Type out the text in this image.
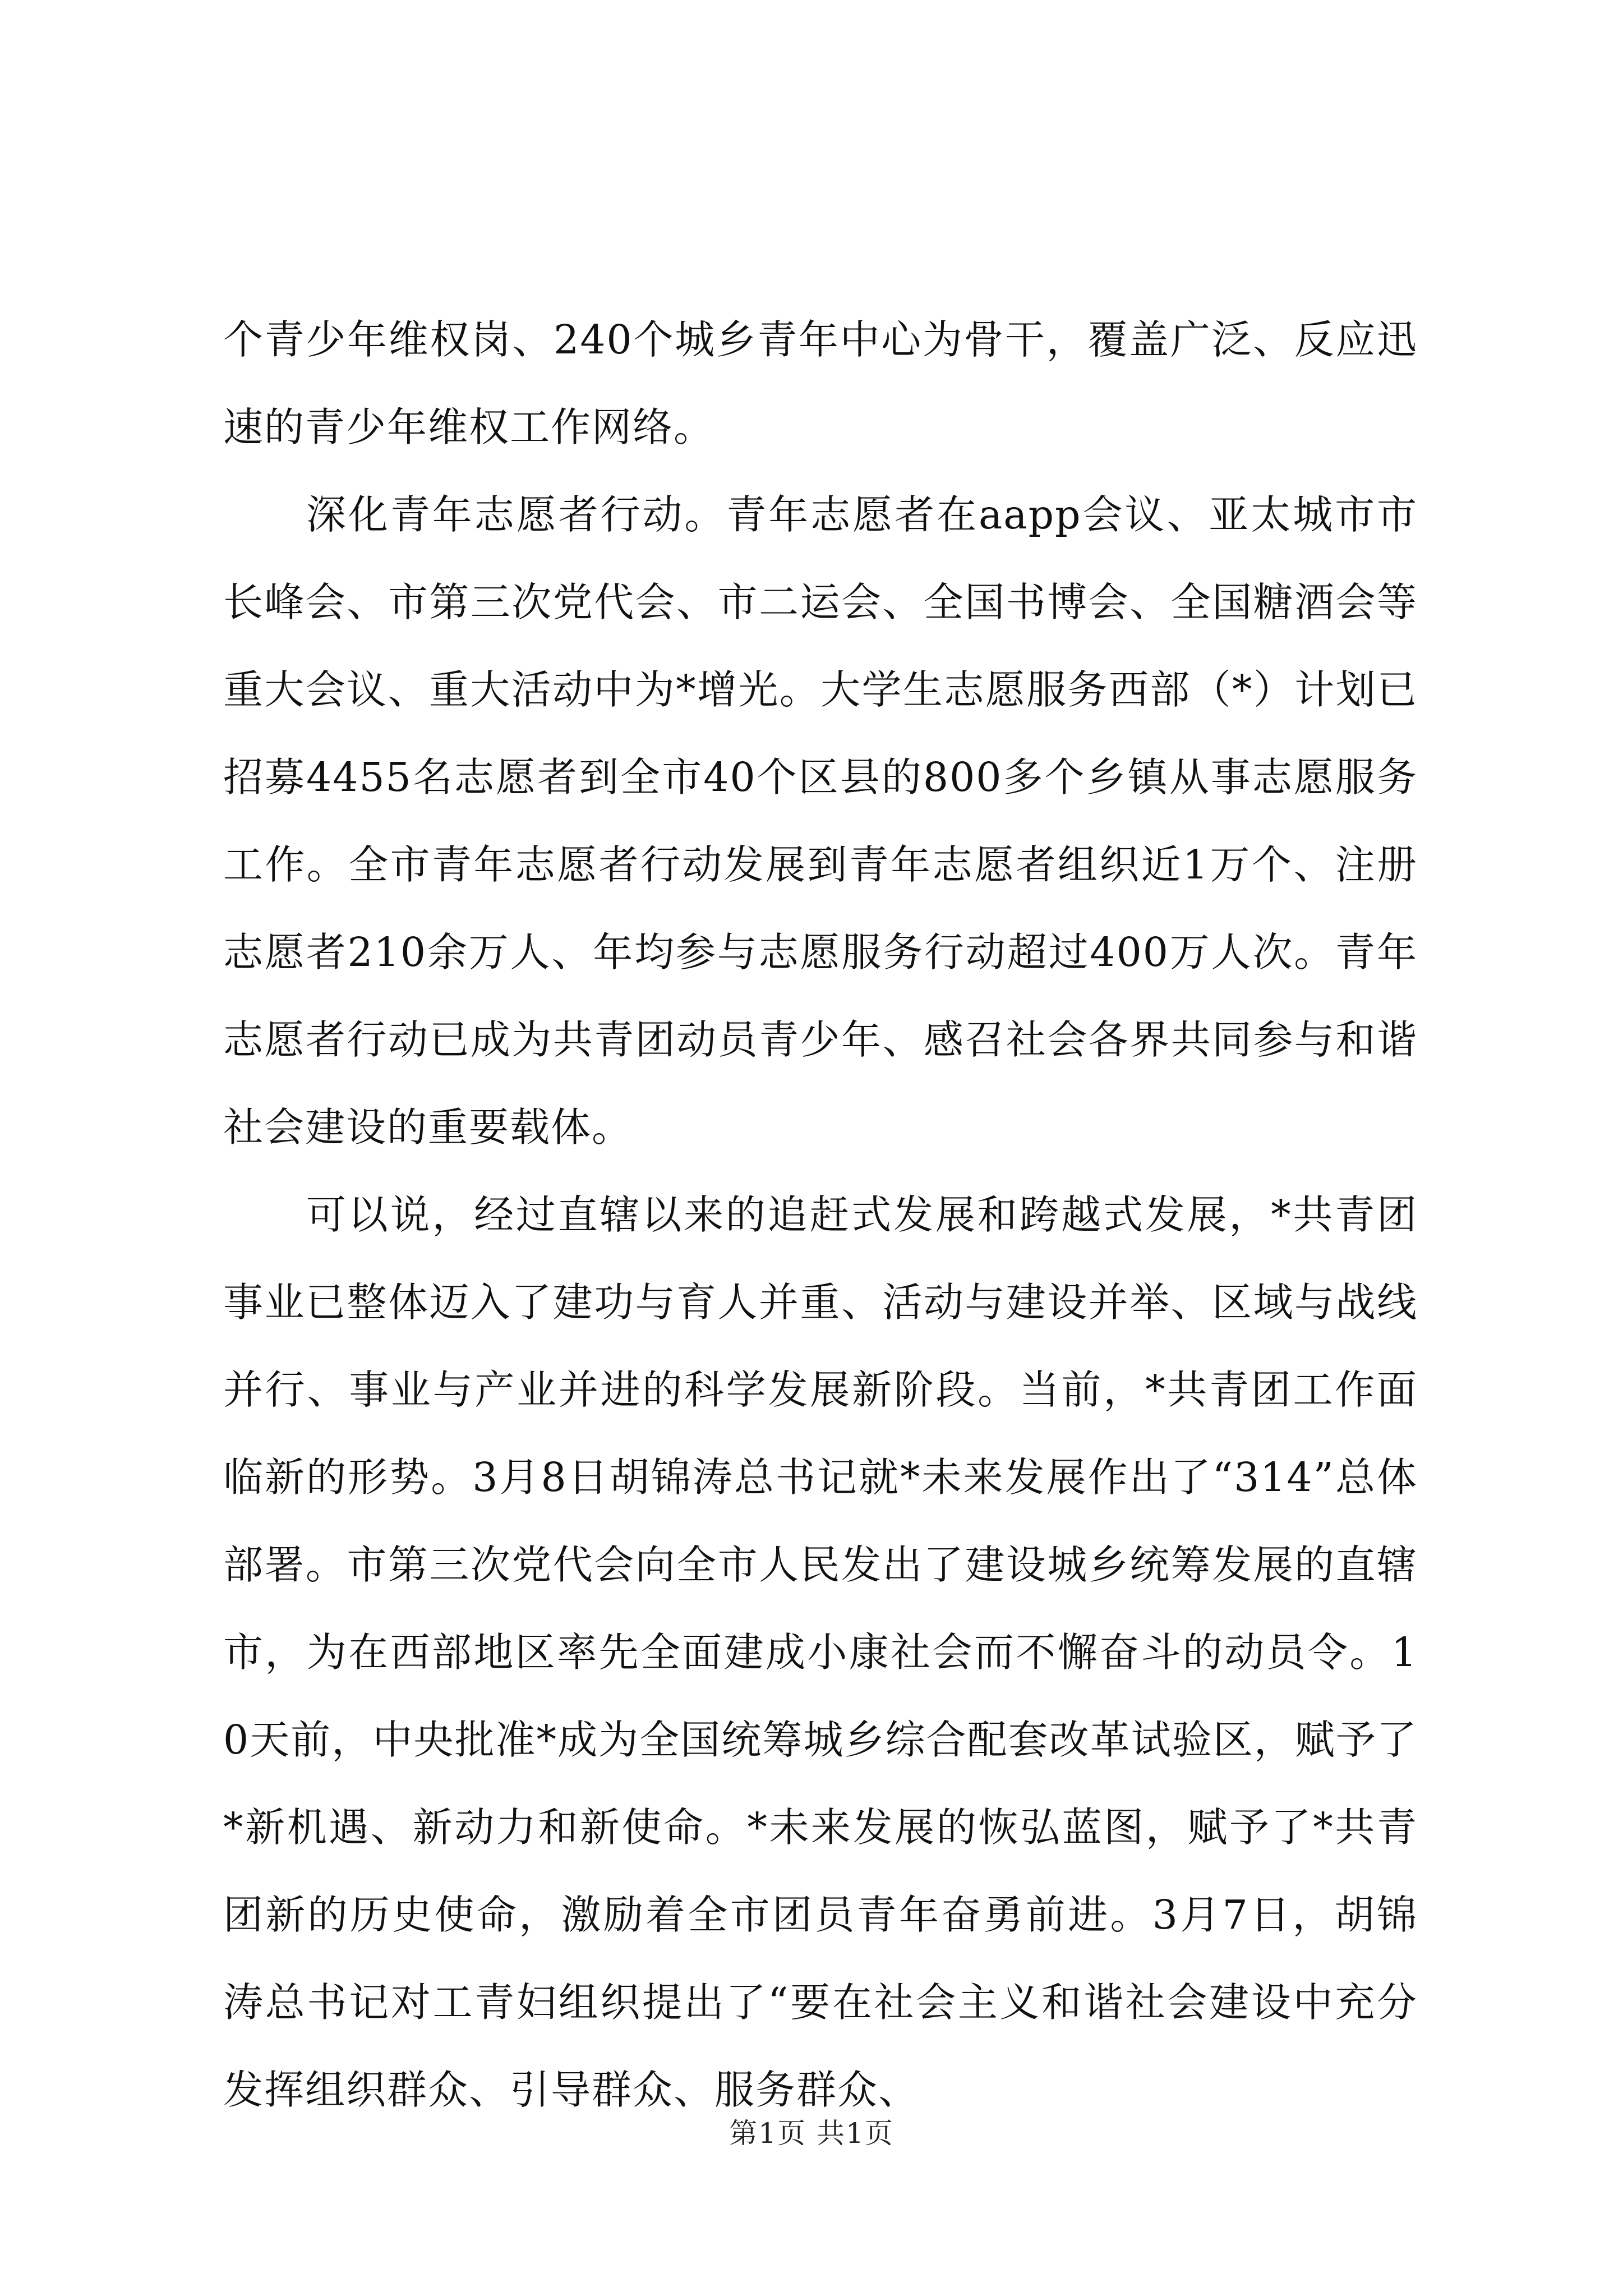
个青少年维权岗、240个城乡青年中心为骨干，覆盖广泛、反应迅速的青少年维权工作网络。

深化青年志愿者行动。青年志愿者在aapp会议、亚太城市市长峰会、市第三次党代会、市二运会、全国书博会、全国糖酒会等重大会议、重大活动中为*增光。大学生志愿服务西部（*）计划已招募4455名志愿者到全市40个区县的800多个乡镇从事志愿服务工作。全市青年志愿者行动发展到青年志愿者组织近1万个、注册志愿者210余万人、年均参与志愿服务行动超过400万人次。青年志愿者行动已成为共青团动员青少年、感召社会各界共同参与和谐社会建设的重要载体。

可以说，经过直辖以来的追赶式发展和跨越式发展，*共青团事业已整体迈入了建功与育人并重、活动与建设并举、区域与战线并行、事业与产业并进的科学发展新阶段。当前，*共青团工作面临新的形势。3月8日胡锦涛总书记就*未来发展作出了“314”总体部署。市第三次党代会向全市人民发出了建设城乡统筹发展的直辖市，为在西部地区率先全面建成小康社会而不懈奋斗的动员令。10天前，中央批准*成为全国统筹城乡综合配套改革试验区，赋予了*新机遇、新动力和新使命。*未来发展的恢弘蓝图，赋予了*共青团新的历史使命，激励着全市团员青年奋勇前进。3月7日，胡锦涛总书记对工青妇组织提出了“要在社会主义和谐社会建设中充分发挥组织群众、引导群众、服务群众、

第1页 共1页
